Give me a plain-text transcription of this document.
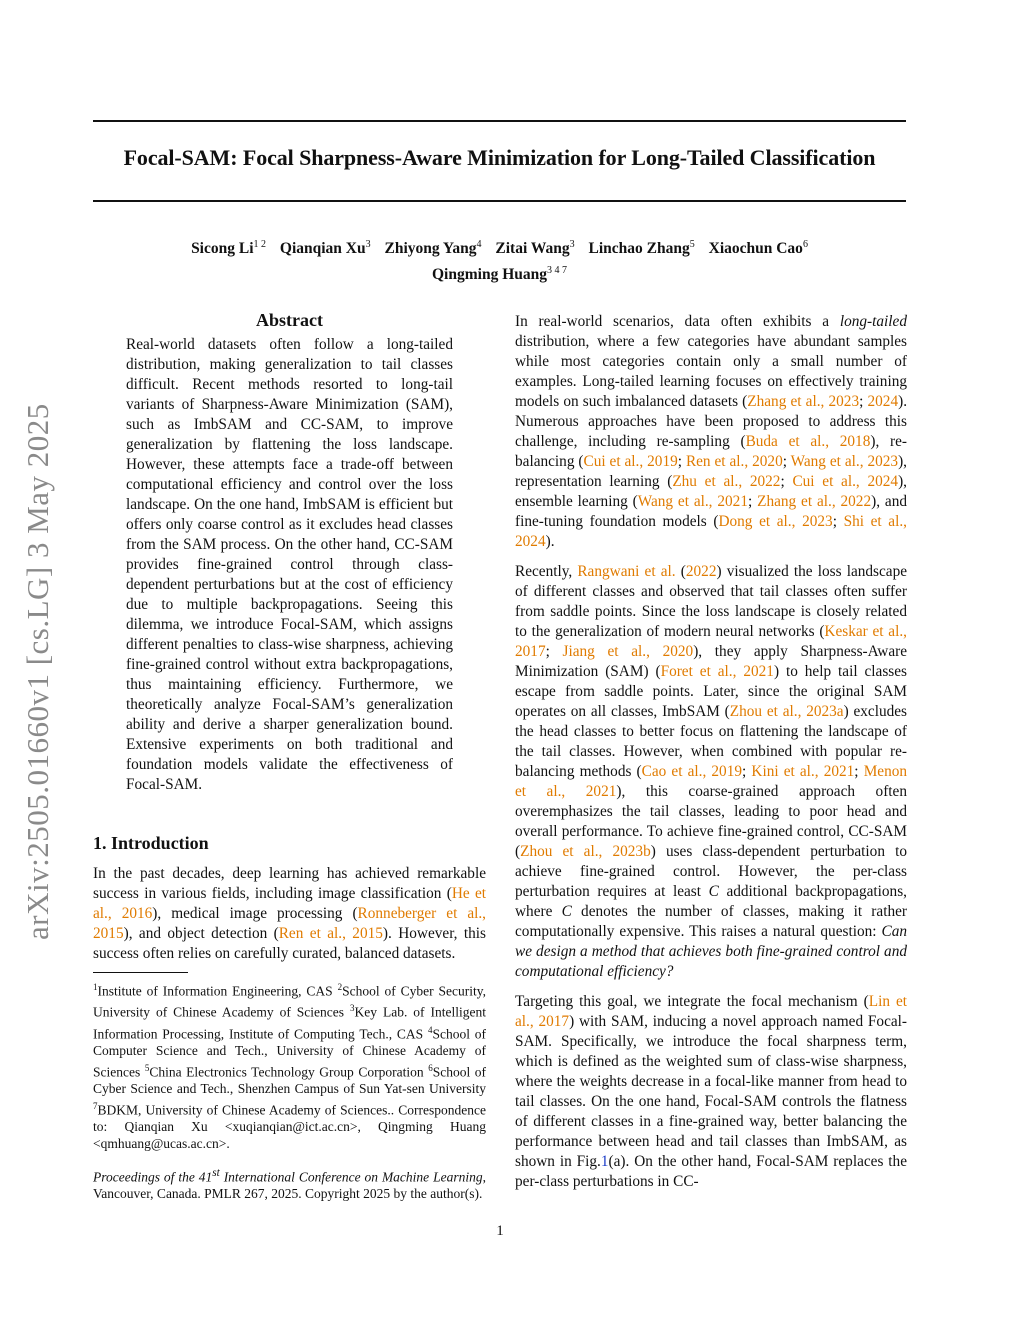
Focal-SAM: Focal Sharpness-Aware Minimization for Long-Tailed Classification
Sicong $Li^{1 2}$ Qianqian Xu$^3$ Zhiyong Yang$^4$ Zitai Wang$^3$ Linchao Zhang$^5$ Xiaochun Cao$^6$
Qingming Huang$^{3 4 7}$
arXiv:2505.01660v1 [cs.LG] 3 May 2025
Abstract

Real-world datasets often follow a long-tailed distribution, making generalization to tail classes difficult. Recent methods resorted to long-tail variants of Sharpness-Aware Minimization (SAM), such as ImbSAM and CC-SAM, to improve generalization by flattening the loss landscape. However, these attempts face a trade-off between computational efficiency and control over the loss landscape. On the one hand, ImbSAM is efficient but offers only coarse control as it excludes head classes from the SAM process. On the other hand, CC-SAM provides fine-grained control through class-dependent perturbations but at the cost of efficiency due to multiple backpropagations. Seeing this dilemma, we introduce Focal-SAM, which assigns different penalties to class-wise sharpness, achieving fine-grained control without extra backpropagations, thus maintaining efficiency. Furthermore, we theoretically analyze Focal-SAM’s generalization ability and derive a sharper generalization bound. Extensive experiments on both traditional and foundation models validate the effectiveness of Focal-SAM.

1. Introduction

In the past decades, deep learning has achieved remarkable success in various fields, including image classification (He et al., 2016), medical image processing (Ronneberger et al., 2015), and object detection (Ren et al., 2015). However, this success often relies on carefully curated, balanced datasets.

$^1$Institute of Information Engineering, CAS $^2$School of Cyber Security, University of Chinese Academy of Sciences $^3$Key Lab. of Intelligent Information Processing, Institute of Computing Tech., CAS $^4$School of Computer Science and Tech., University of Chinese Academy of Sciences $^5$China Electronics Technology Group Corporation $^6$School of Cyber Science and Tech., Shenzhen Campus of Sun Yat-sen University $^7$BDKM, University of Chinese Academy of Sciences.. Correspondence to: Qianqian Xu <xuqianqian@ict.ac.cn>, Qingming Huang <qmhuang@ucas.ac.cn>.

Proceedings of the 41st International Conference on Machine Learning, Vancouver, Canada. PMLR 267, 2025. Copyright 2025 by the author(s).

In real-world scenarios, data often exhibits a long-tailed distribution, where a few categories have abundant samples while most categories contain only a small number of examples. Long-tailed learning focuses on effectively training models on such imbalanced datasets (Zhang et al., 2023; 2024). Numerous approaches have been proposed to address this challenge, including re-sampling (Buda et al., 2018), re-balancing (Cui et al., 2019; Ren et al., 2020; Wang et al., 2023), representation learning (Zhu et al., 2022; Cui et al., 2024), ensemble learning (Wang et al., 2021; Zhang et al., 2022), and fine-tuning foundation models (Dong et al., 2023; Shi et al., 2024).

Recently, Rangwani et al. (2022) visualized the loss landscape of different classes and observed that tail classes often suffer from saddle points. Since the loss landscape is closely related to the generalization of modern neural networks (Keskar et al., 2017; Jiang et al., 2020), they apply Sharpness-Aware Minimization (SAM) (Foret et al., 2021) to help tail classes escape from saddle points. Later, since the original SAM operates on all classes, ImbSAM (Zhou et al., 2023a) excludes the head classes to better focus on flattening the landscape of the tail classes. However, when combined with popular re-balancing methods (Cao et al., 2019; Kini et al., 2021; Menon et al., 2021), this coarse-grained approach often overemphasizes the tail classes, leading to poor head and overall performance. To achieve fine-grained control, CC-SAM (Zhou et al., 2023b) uses class-dependent perturbation to achieve fine-grained control. However, the per-class perturbation requires at least C additional backpropagations, where C denotes the number of classes, making it rather computationally expensive. This raises a natural question: Can we design a method that achieves both fine-grained control and computational efficiency?

Targeting this goal, we integrate the focal mechanism (Lin et al., 2017) with SAM, inducing a novel approach named Focal-SAM. Specifically, we introduce the focal sharpness term, which is defined as the weighted sum of class-wise sharpness, where the weights decrease in a focal-like manner from head to tail classes. On the one hand, Focal-SAM controls the flatness of different classes in a fine-grained way, better balancing the performance between head and tail classes than ImbSAM, as shown in Fig.1(a). On the other hand, Focal-SAM replaces the per-class perturbations in CC-

1
